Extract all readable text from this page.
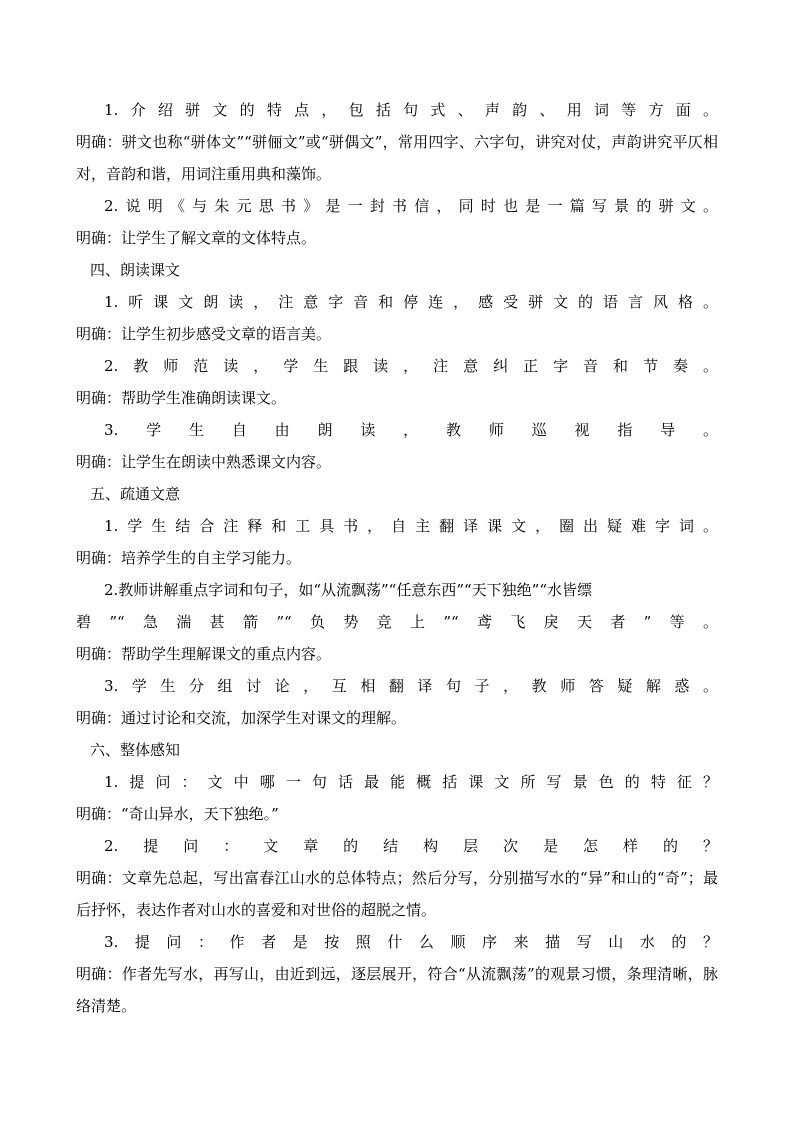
1.介绍骈文的特点，包括句式、声韵、用词等方面。

明确：骈文也称“骈体文”“骈俪文”或“骈偶文”，常用四字、六字句，讲究对仗，声韵讲究平仄相对，音韵和谐，用词注重用典和藻饰。

2.说明《与朱元思书》是一封书信，同时也是一篇写景的骈文。

明确：让学生了解文章的文体特点。

四、朗读课文
1.听课文朗读，注意字音和停连，感受骈文的语言风格。

明确：让学生初步感受文章的语言美。

2.教师范读，学生跟读，注意纠正字音和节奏。

明确：帮助学生准确朗读课文。

3.学生自由朗读，教师巡视指导。

明确：让学生在朗读中熟悉课文内容。

五、疏通文意
1.学生结合注释和工具书，自主翻译课文，圈出疑难字词。

明确：培养学生的自主学习能力。

2.教师讲解重点字词和句子，如“从流飘荡”“任意东西”“天下独绝”“水皆缥
碧”“急湍甚箭”“负势竞上”“鸢飞戾天者”等。

明确：帮助学生理解课文的重点内容。

3.学生分组讨论，互相翻译句子，教师答疑解惑。

明确：通过讨论和交流，加深学生对课文的理解。

六、整体感知
1.提问：文中哪一句话最能概括课文所写景色的特征？

明确：“奇山异水，天下独绝。”

2.提问：文章的结构层次是怎样的？

明确：文章先总起，写出富春江山水的总体特点；然后分写，分别描写水的“异”和山的“奇”；最后抒怀，表达作者对山水的喜爱和对世俗的超脱之情。

3.提问：作者是按照什么顺序来描写山水的？

明确：作者先写水，再写山，由近到远，逐层展开，符合“从流飘荡”的观景习惯，条理清晰，脉络清楚。
